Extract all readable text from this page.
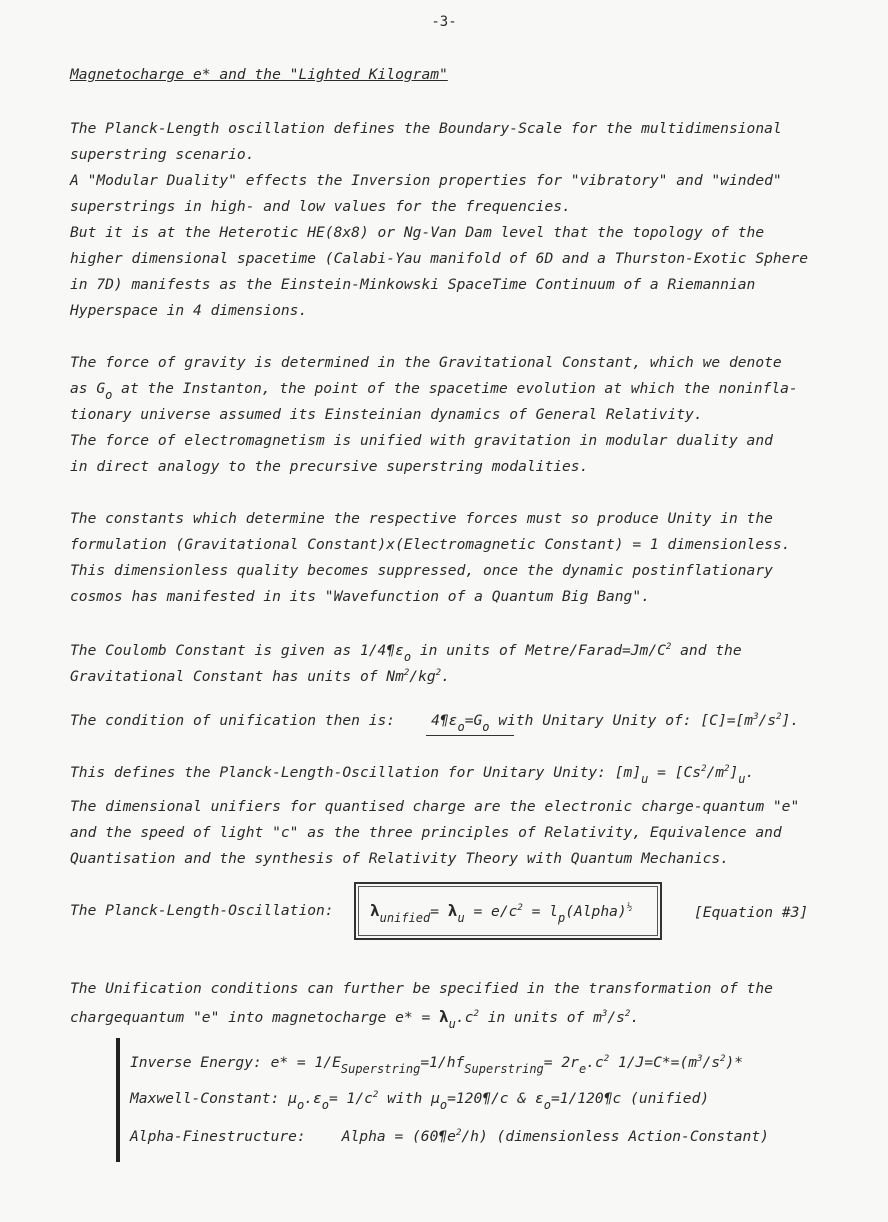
-3-
Magnetocharge e* and the "Lighted Kilogram"
The Planck-Length oscillation defines the Boundary-Scale for the multidimensional
superstring scenario.
A "Modular Duality" effects the Inversion properties for "vibratory" and "winded"
superstrings in high- and low values for the frequencies.
But it is at the Heterotic HE(8x8) or Ng-Van Dam level that the topology of the
higher dimensional spacetime (Calabi-Yau manifold of 6D and a Thurston-Exotic Sphere
in 7D) manifests as the Einstein-Minkowski SpaceTime Continuum of a Riemannian
Hyperspace in 4 dimensions.
The force of gravity is determined in the Gravitational Constant, which we denote
as $G_o$ at the Instanton, the point of the spacetime evolution at which the noninfla-
tionary universe assumed its Einsteinian dynamics of General Relativity.
The force of electromagnetism is unified with gravitation in modular duality and
in direct analogy to the precursive superstring modalities.
The constants which determine the respective forces must so produce Unity in the
formulation (Gravitational Constant)x(Electromagnetic Constant) = 1 dimensionless.
This dimensionless quality becomes suppressed, once the dynamic postinflationary
cosmos has manifested in its "Wavefunction of a Quantum Big Bang".
The Coulomb Constant is given as $1/4\P\varepsilon_o$ in units of Metre/$Farad=Jm/C^2$ and the
Gravitational Constant has units of $Nm^2/kg^2$.
The condition of unification then is: $4\P\varepsilon_o=G_o$ with Unitary Unity of: $[C]=[m^3/s^2]$.
This defines the Planck-Length-Oscillation for Unitary Unity: $[m]_u = [Cs^2/m^2]_u$.
The dimensional unifiers for quantised charge are the electronic charge-quantum "e"
and the speed of light "c" as the three principles of Relativity, Equivalence and
Quantisation and the synthesis of Relativity Theory with Quantum Mechanics.
The Planck-Length-Oscillation: $\lambda_{unified}= \lambda_u = e/c^2$ = $l_p(Alpha)^{\frac{1}{2}}$	[Equation #3]
The Unification conditions can further be specified in the transformation of the
chargequantum "e" into magnetocharge $e* = \lambda_u.c^2$ in units of $m^3/s^2$.
Inverse Energy: $e* = 1/E_{Superstring}=1/hf_{Superstring}= 2r_e.c^2$ $1/J=C*=(m^3/s^2)*$
Maxwell-Constant: $\mu_o.\varepsilon_o= 1/c^2$ with $\mu_o=120\P/c$ & $\varepsilon_o=1/120\P c$ (unified)
Alpha-Finestructure: Alpha = $(60\P e^2/h)$ (dimensionless Action-Constant)
